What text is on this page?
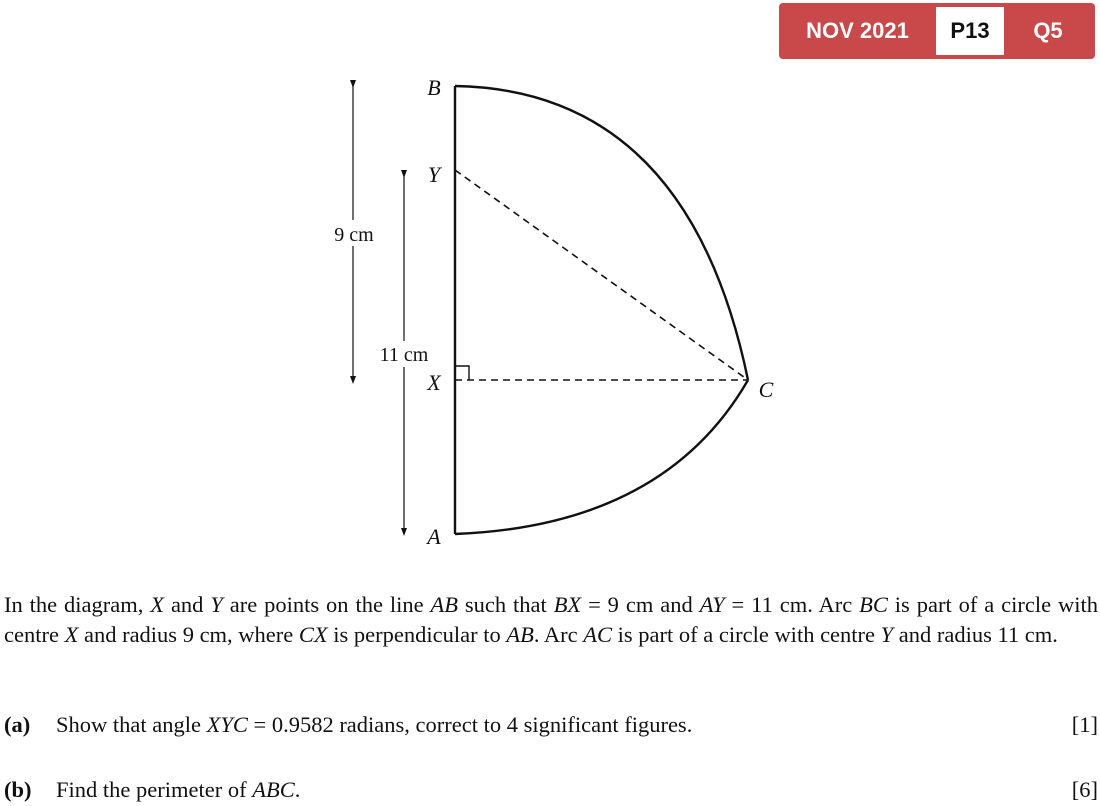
NOV 2021	P13	Q5
9 cm
11 cm
B
Y
X
A
C
In the diagram, X and Y are points on the line AB such that BX = 9 cm and AY = 11 cm. Arc BC is part of a circle with centre X and radius 9 cm, where CX is perpendicular to AB. Arc AC is part of a circle with centre Y and radius 11 cm.
(a)	Show that angle XYC = 0.9582 radians, correct to 4 significant figures.	[1]
(b)	Find the perimeter of ABC.	[6]
